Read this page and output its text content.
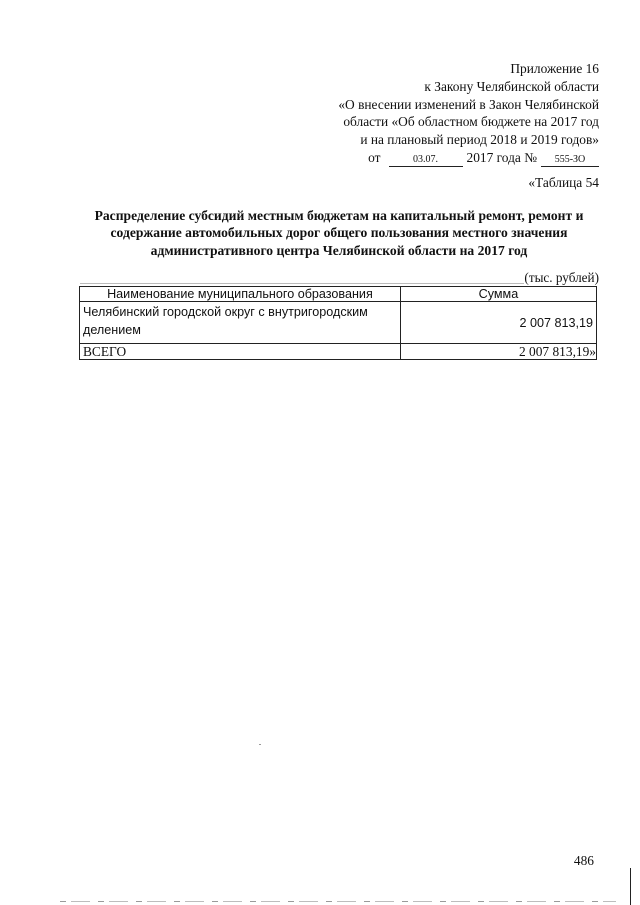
Приложение 16
к Закону Челябинской области
«О внесении изменений в Закон Челябинской
области «Об областном бюджете на 2017 год
и на плановый период 2018 и 2019 годов»
от	03.07. 2017 года № 555-ЗО
«Таблица 54
Распределение субсидий местным бюджетам на капитальный ремонт, ремонт и содержание автомобильных дорог общего пользования местного значения административного центра Челябинской области на 2017 год
(тыс. рублей)
Наименование муниципального образования	Сумма
Челябинский городской округ с внутригородским делением	2 007 813,19
ВСЕГО	2 007 813,19»
486
